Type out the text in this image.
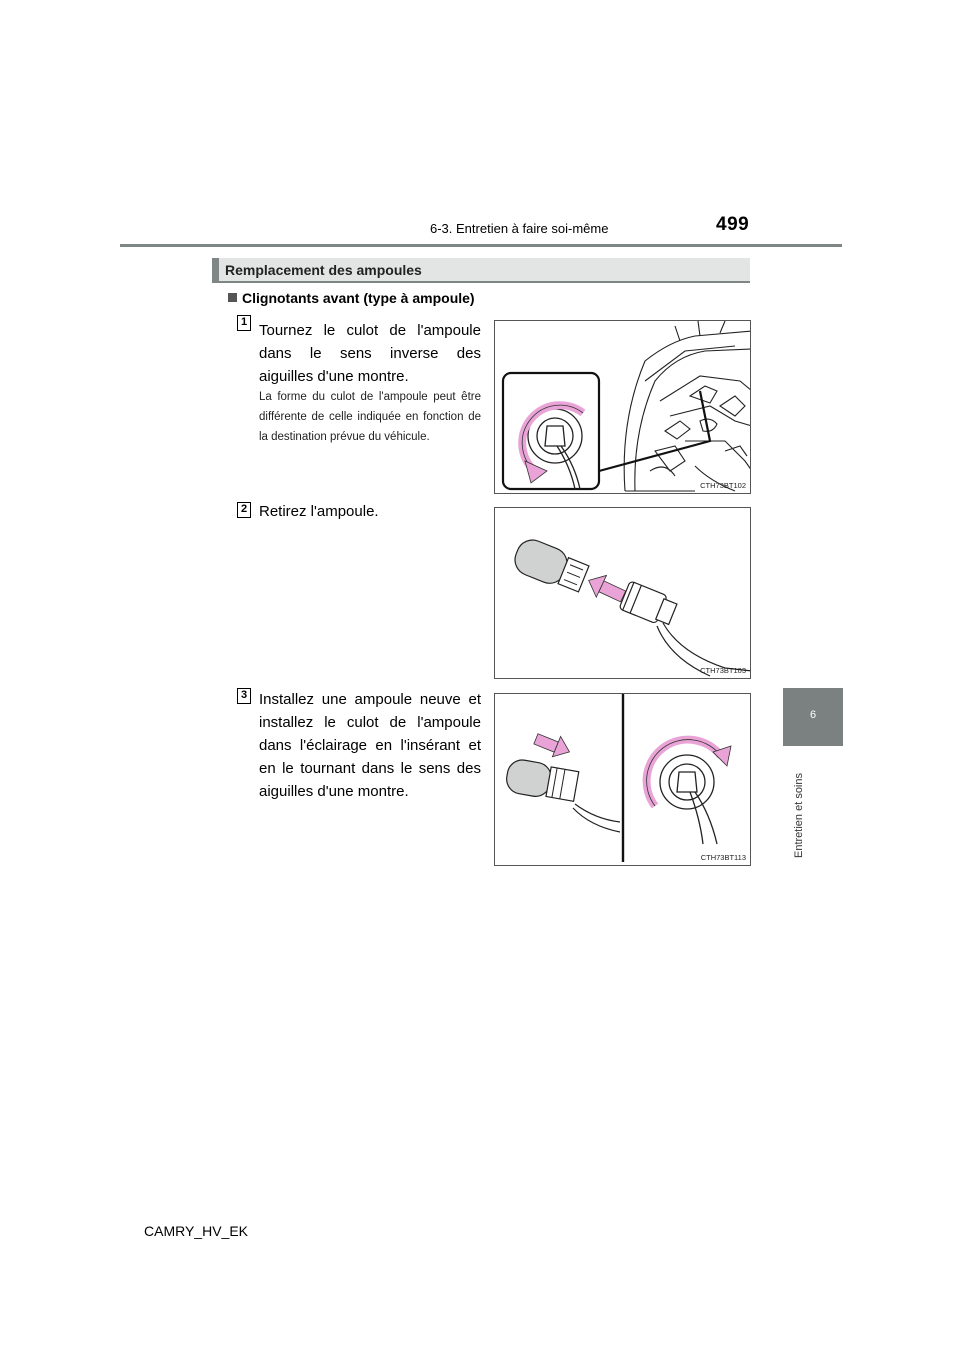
6-3. Entretien à faire soi-même	499
6
Entretien et soins
Remplacement des ampoules
Clignotants avant (type à ampoule)
1 Tournez le culot de l'ampoule dans le sens inverse des aiguilles d'une montre.
La forme du culot de l'ampoule peut être différente de celle indiquée en fonction de la destination prévue du véhicule.
CTH73BT102
2 Retirez l'ampoule.
CTH73BT103
3 Installez une ampoule neuve et installez le culot de l'ampoule dans l'éclairage en l'insérant et en le tournant dans le sens des aiguilles d'une montre.
CTH73BT113
CAMRY_HV_EK
